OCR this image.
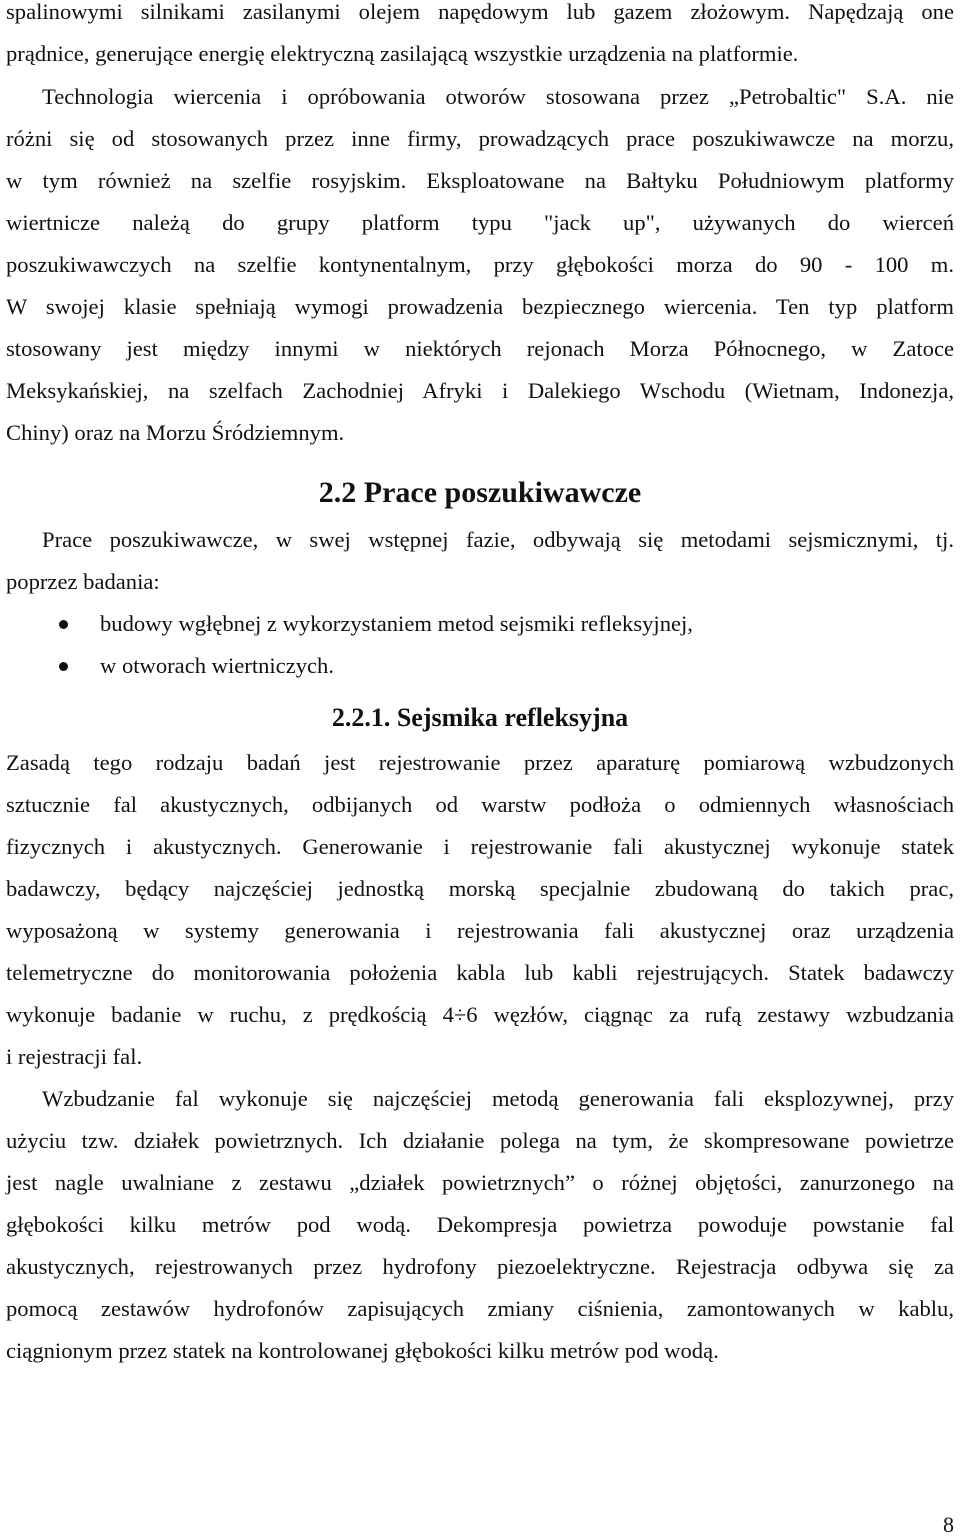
spalinowymi silnikami zasilanymi olejem napędowym lub gazem złożowym. Napędzają one
prądnice, generujące energię elektryczną zasilającą wszystkie urządzenia na platformie.
Technologia wiercenia i opróbowania otworów stosowana przez „Petrobaltic" S.A. nie
różni się od stosowanych przez inne firmy, prowadzących prace poszukiwawcze na morzu,
w tym również na szelfie rosyjskim. Eksploatowane na Bałtyku Południowym platformy
wiertnicze należą do grupy platform typu "jack up", używanych do wierceń
poszukiwawczych na szelfie kontynentalnym, przy głębokości morza do 90 - 100 m.
W swojej klasie spełniają wymogi prowadzenia bezpiecznego wiercenia. Ten typ platform
stosowany jest między innymi w niektórych rejonach Morza Północnego, w Zatoce
Meksykańskiej, na szelfach Zachodniej Afryki i Dalekiego Wschodu (Wietnam, Indonezja,
Chiny) oraz na Morzu Śródziemnym.
2.2 Prace poszukiwawcze
Prace poszukiwawcze, w swej wstępnej fazie, odbywają się metodami sejsmicznymi, tj.
poprzez badania:
budowy wgłębnej z wykorzystaniem metod sejsmiki refleksyjnej,
w otworach wiertniczych.
2.2.1. Sejsmika refleksyjna
Zasadą tego rodzaju badań jest rejestrowanie przez aparaturę pomiarową wzbudzonych
sztucznie fal akustycznych, odbijanych od warstw podłoża o odmiennych własnościach
fizycznych i akustycznych. Generowanie i rejestrowanie fali akustycznej wykonuje statek
badawczy, będący najczęściej jednostką morską specjalnie zbudowaną do takich prac,
wyposażoną w systemy generowania i rejestrowania fali akustycznej oraz urządzenia
telemetryczne do monitorowania położenia kabla lub kabli rejestrujących. Statek badawczy
wykonuje badanie w ruchu, z prędkością 4÷6 węzłów, ciągnąc za rufą zestawy wzbudzania
i rejestracji fal.
Wzbudzanie fal wykonuje się najczęściej metodą generowania fali eksplozywnej, przy
użyciu tzw. działek powietrznych. Ich działanie polega na tym, że skompresowane powietrze
jest nagle uwalniane z zestawu „działek powietrznych” o różnej objętości, zanurzonego na
głębokości kilku metrów pod wodą. Dekompresja powietrza powoduje powstanie fal
akustycznych, rejestrowanych przez hydrofony piezoelektryczne. Rejestracja odbywa się za
pomocą zestawów hydrofonów zapisujących zmiany ciśnienia, zamontowanych w kablu,
ciągnionym przez statek na kontrolowanej głębokości kilku metrów pod wodą.
8
